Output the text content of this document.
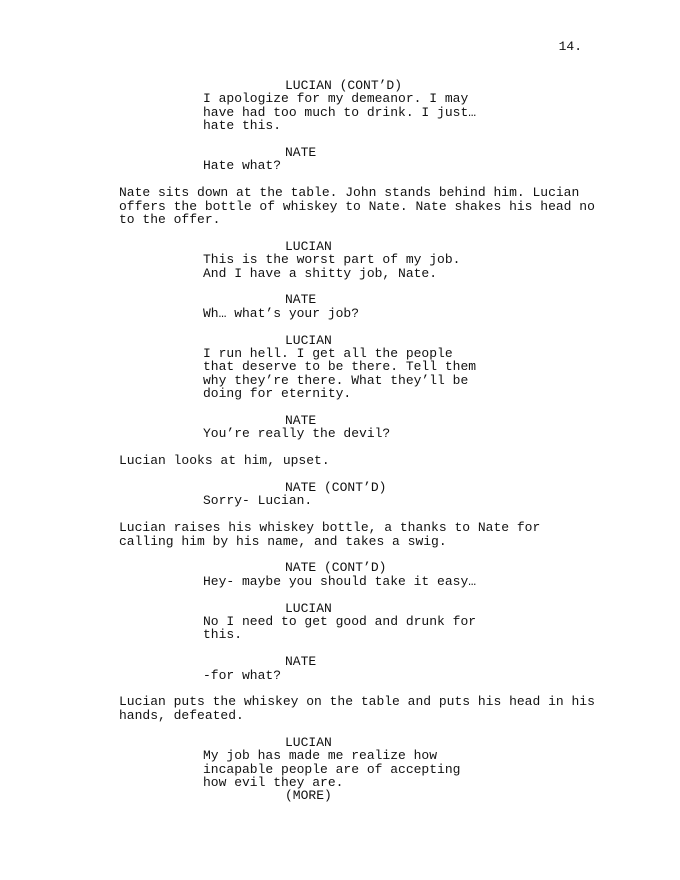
14.
LUCIAN (CONT’D)
I apologize for my demeanor. I may
have had too much to drink. I just…
hate this.
NATE
Hate what?
Nate sits down at the table. John stands behind him. Lucian
offers the bottle of whiskey to Nate. Nate shakes his head no
to the offer.
LUCIAN
This is the worst part of my job.
And I have a shitty job, Nate.
NATE
Wh… what’s your job?
LUCIAN
I run hell. I get all the people
that deserve to be there. Tell them
why they’re there. What they’ll be
doing for eternity.
NATE
You’re really the devil?
Lucian looks at him, upset.
NATE (CONT’D)
Sorry- Lucian.
Lucian raises his whiskey bottle, a thanks to Nate for
calling him by his name, and takes a swig.
NATE (CONT’D)
Hey- maybe you should take it easy…
LUCIAN
No I need to get good and drunk for
this.
NATE
-for what?
Lucian puts the whiskey on the table and puts his head in his
hands, defeated.
LUCIAN
My job has made me realize how
incapable people are of accepting
how evil they are.
(MORE)
